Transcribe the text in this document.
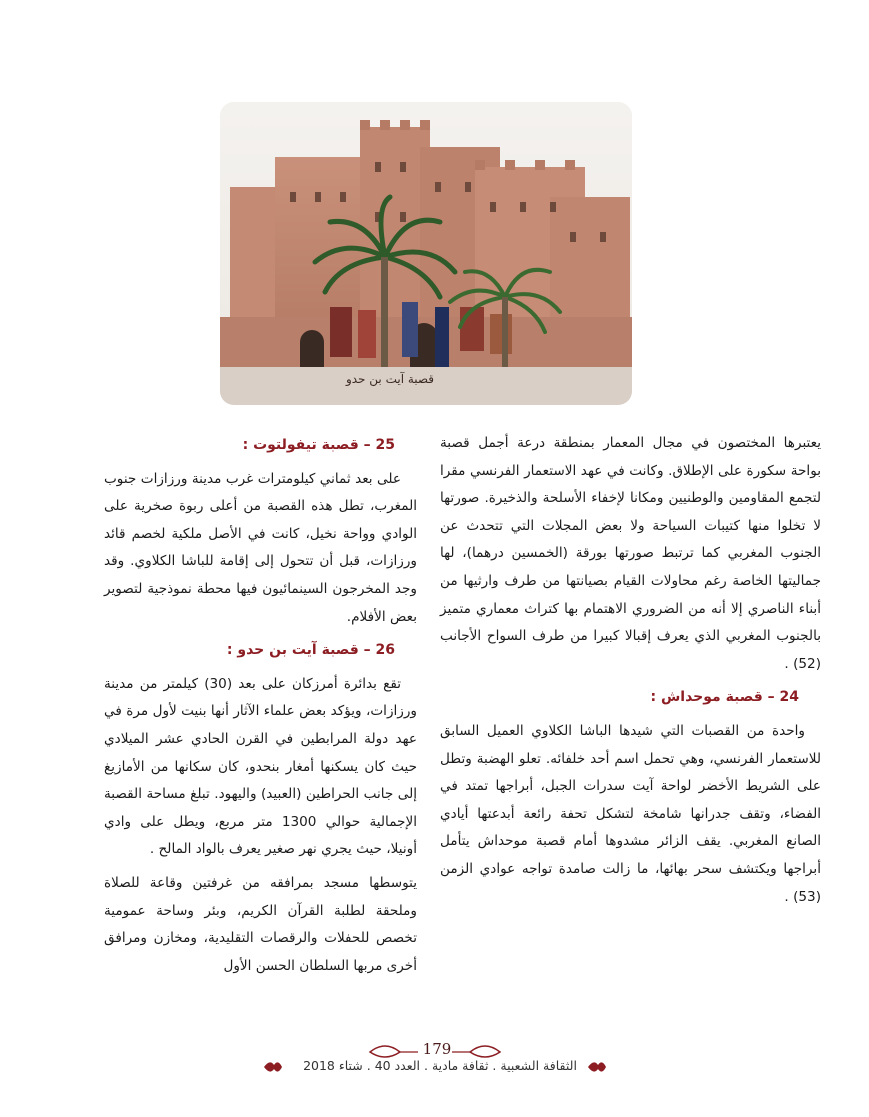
قصبة آيت بن حدو

يعتبرها المختصون في مجال المعمار بمنطقة درعة أجمل قصبة بواحة سكورة على الإطلاق. وكانت في عهد الاستعمار الفرنسي مقرا لتجمع المقاومين والوطنيين ومكانا لإخفاء الأسلحة والذخيرة. صورتها لا تخلوا منها كتيبات السياحة ولا بعض المجلات التي تتحدث عن الجنوب المغربي كما ترتبط صورتها بورقة (الخمسين درهما)، لها جماليتها الخاصة رغم محاولات القيام بصيانتها من طرف وارثيها من أبناء الناصري إلا أنه من الضروري الاهتمام بها كتراث معماري متميز بالجنوب المغربي الذي يعرف إقبالا كبيرا من طرف السواح الأجانب (52) .

24 – قصبة موحداش :

واحدة من القصبات التي شيدها الباشا الكلاوي العميل السابق للاستعمار الفرنسي، وهي تحمل اسم أحد خلفائه. تعلو الهضبة وتطل على الشريط الأخضر لواحة آيت سدرات الجبل، أبراجها تمتد في الفضاء، وتقف جدرانها شامخة لتشكل تحفة رائعة أبدعتها أيادي الصانع المغربي. يقف الزائر مشدوها أمام قصبة موحداش يتأمل أبراجها ويكتشف سحر بهائها، ما زالت صامدة تواجه عوادي الزمن (53) .

25 – قصبة تيفولتوت :

على بعد ثماني كيلومترات غرب مدينة ورزازات جنوب المغرب، تطل هذه القصبة من أعلى ربوة صخرية على الوادي وواحة نخيل، كانت في الأصل ملكية لخصم قائد ورزازات، قبل أن تتحول إلى إقامة للباشا الكلاوي. وقد وجد المخرجون السينمائيون فيها محطة نموذجية لتصوير بعض الأفلام.

26 – قصبة آيت بن حدو :

تقع بدائرة أمرزكان على بعد (30) كيلمتر من مدينة ورزازات، ويؤكد بعض علماء الآثار أنها بنيت لأول مرة في عهد دولة المرابطين في القرن الحادي عشر الميلادي حيث كان يسكنها أمغار بنحدو، كان سكانها من الأمازيغ إلى جانب الحراطين (العبيد) واليهود. تبلغ مساحة القصبة الإجمالية حوالي 1300 متر مربع، ويطل على وادي أونيلا، حيث يجري نهر صغير يعرف بالواد المالح .

يتوسطها مسجد بمرافقه من غرفتين وقاعة للصلاة وملحقة لطلبة القرآن الكريم، وبئر وساحة عمومية تخصص للحفلات والرقصات التقليدية، ومخازن ومرافق أخرى مربها السلطان الحسن الأول

179
الثقافة الشعبية . ثقافة مادية . العدد 40 . شتاء 2018
